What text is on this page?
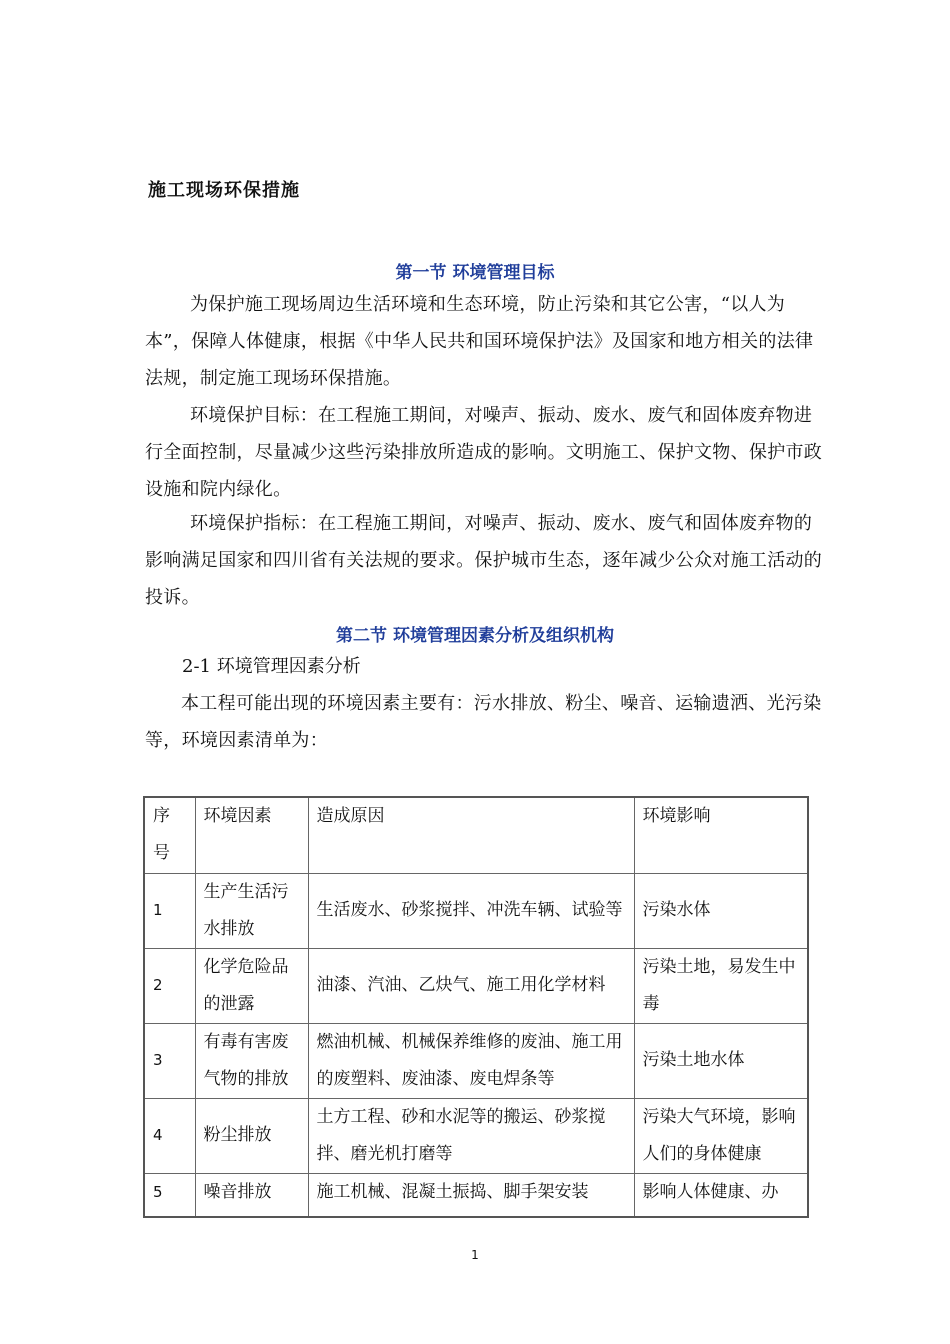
施工现场环保措施
第一节 环境管理目标

为保护施工现场周边生活环境和生态环境，防止污染和其它公害，“以人为本”，保障人体健康，根据《中华人民共和国环境保护法》及国家和地方相关的法律法规，制定施工现场环保措施。

环境保护目标：在工程施工期间，对噪声、振动、废水、废气和固体废弃物进行全面控制，尽量减少这些污染排放所造成的影响。文明施工、保护文物、保护市政设施和院内绿化。

环境保护指标：在工程施工期间，对噪声、振动、废水、废气和固体废弃物的影响满足国家和四川省有关法规的要求。保护城市生态，逐年减少公众对施工活动的投诉。

第二节 环境管理因素分析及组织机构

2-1 环境管理因素分析

本工程可能出现的环境因素主要有：污水排放、粉尘、噪音、运输遗洒、光污染等，环境因素清单为：

序号	环境因素	造成原因	环境影响
1	生产生活污水排放	生活废水、砂浆搅拌、冲洗车辆、试验等	污染水体
2	化学危险品的泄露	油漆、汽油、乙炔气、施工用化学材料	污染土地，易发生中毒
3	有毒有害废气物的排放	燃油机械、机械保养维修的废油、施工用的废塑料、废油漆、废电焊条等	污染土地水体
4	粉尘排放	土方工程、砂和水泥等的搬运、砂浆搅拌、磨光机打磨等	污染大气环境，影响人们的身体健康
5	噪音排放	施工机械、混凝土振捣、脚手架安装	影响人体健康、办

1
